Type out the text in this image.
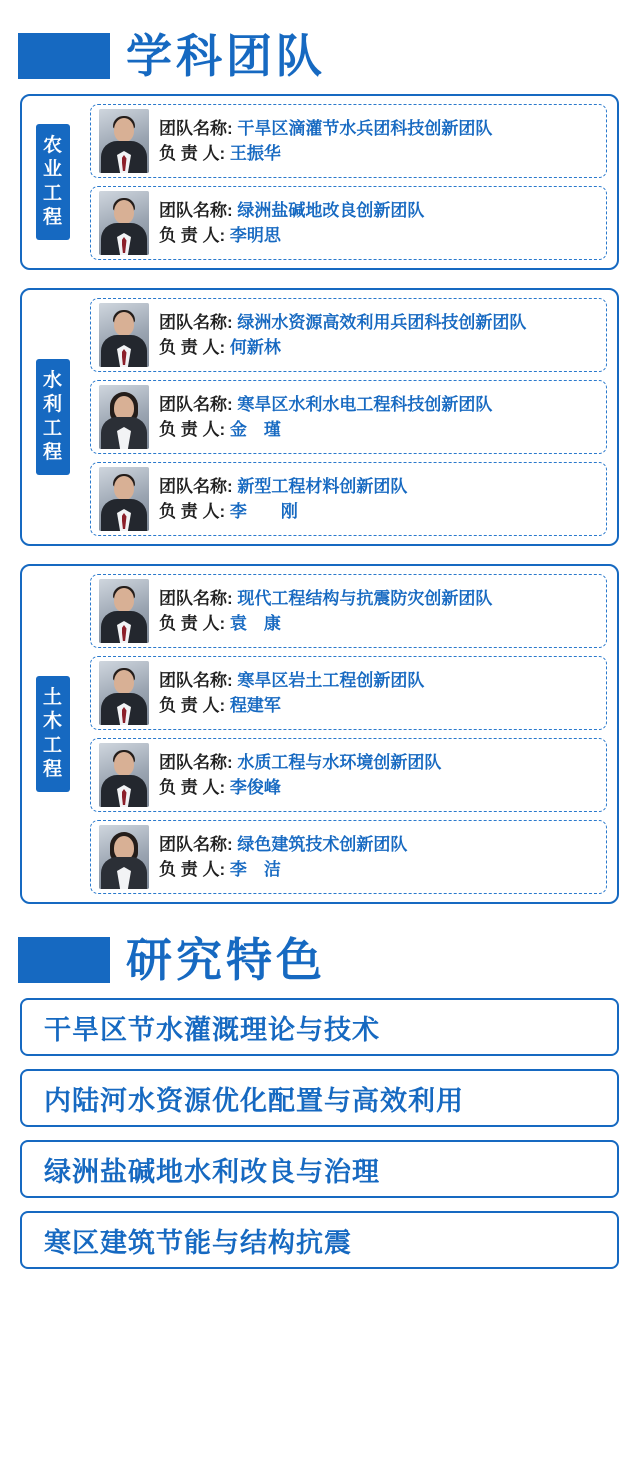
学科团队
农业工程
团队名称: 干旱区滴灌节水兵团科技创新团队
负 责 人: 王振华
团队名称: 绿洲盐碱地改良创新团队
负 责 人: 李明思
水利工程
团队名称: 绿洲水资源高效利用兵团科技创新团队
负 责 人: 何新林
团队名称: 寒旱区水利水电工程科技创新团队
负 责 人: 金　瑾
团队名称: 新型工程材料创新团队
负 责 人: 李　　刚
土木工程
团队名称: 现代工程结构与抗震防灾创新团队
负 责 人: 袁　康
团队名称: 寒旱区岩土工程创新团队
负 责 人: 程建军
团队名称: 水质工程与水环境创新团队
负 责 人: 李俊峰
团队名称: 绿色建筑技术创新团队
负 责 人: 李　洁
研究特色
干旱区节水灌溉理论与技术
内陆河水资源优化配置与高效利用
绿洲盐碱地水利改良与治理
寒区建筑节能与结构抗震
